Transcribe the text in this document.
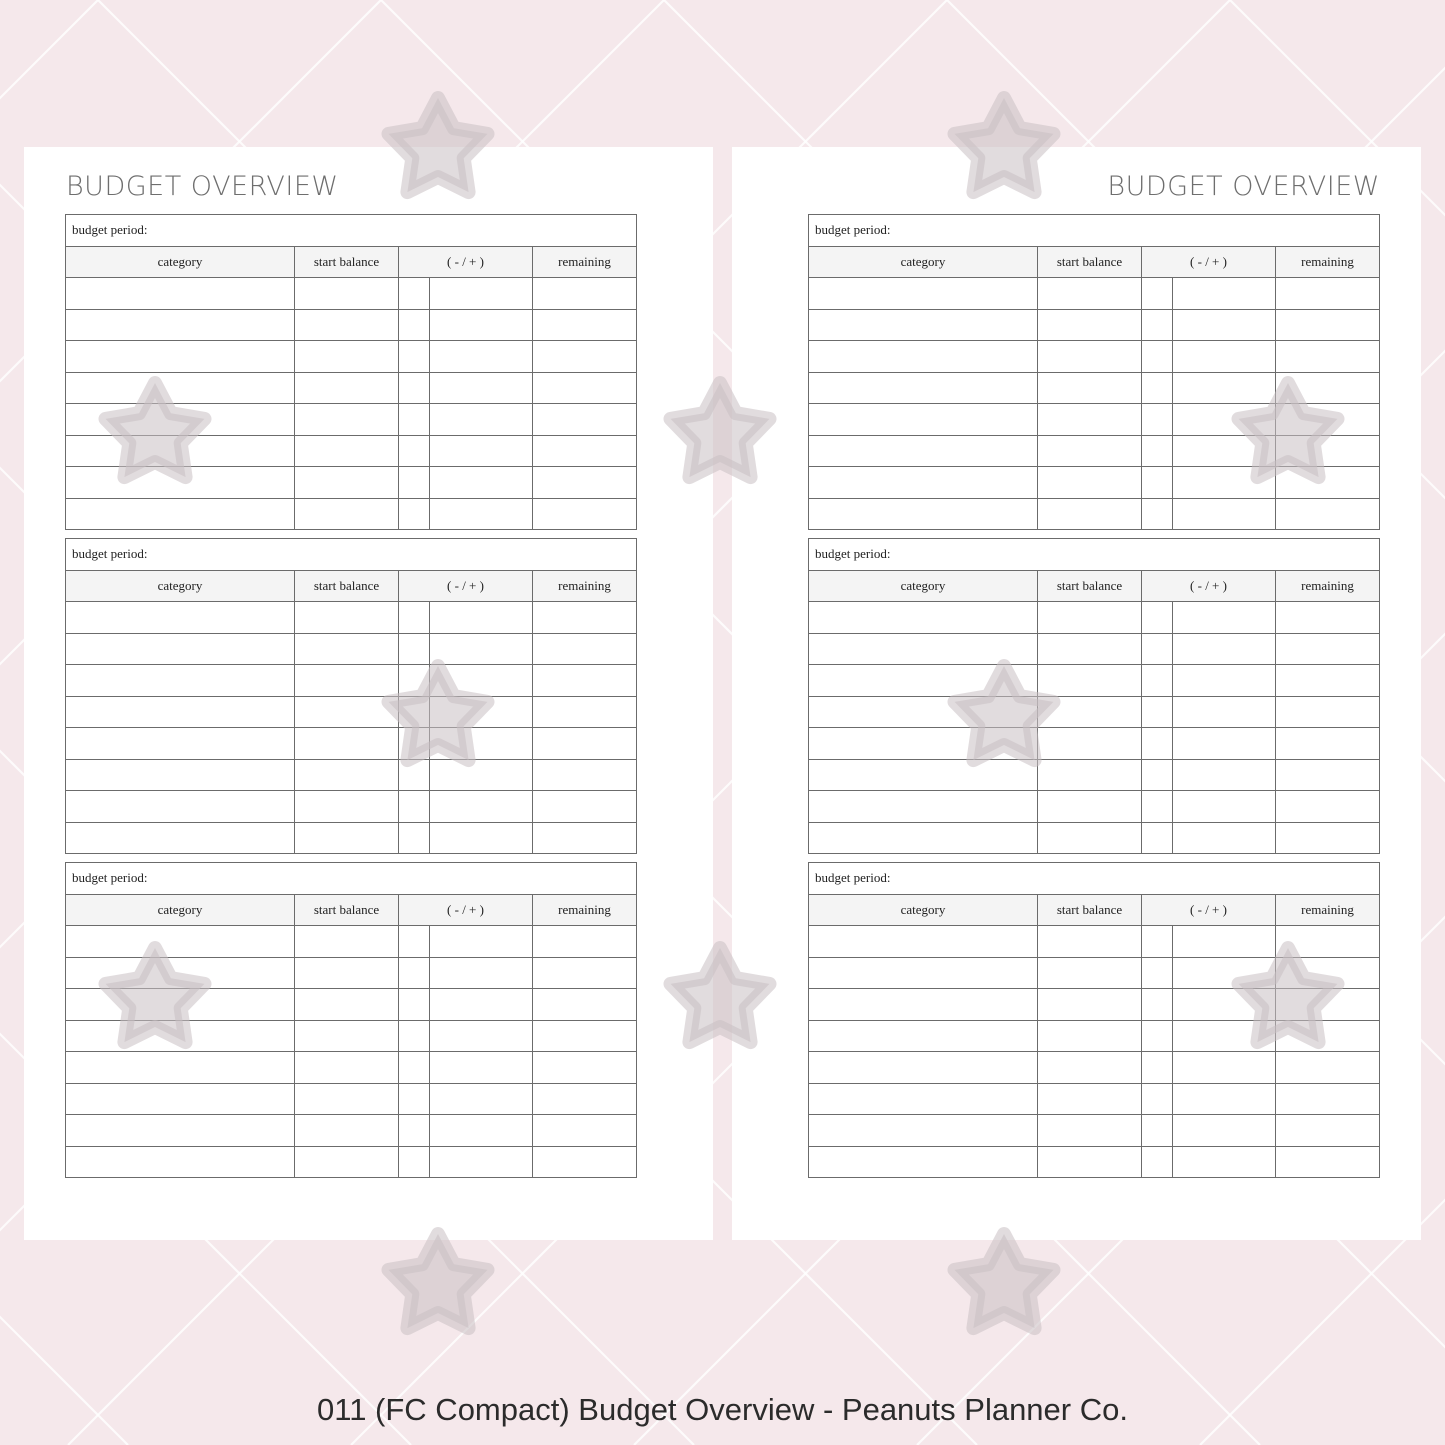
BUDGET OVERVIEW
budget period:				
category	start balance	( - / + )		remaining

budget period:				
category	start balance	( - / + )		remaining

budget period:				
category	start balance	( - / + )		remaining

BUDGET OVERVIEW
budget period:				
category	start balance	( - / + )		remaining

budget period:				
category	start balance	( - / + )		remaining

budget period:				
category	start balance	( - / + )		remaining

011 (FC Compact) Budget Overview - Peanuts Planner Co.
